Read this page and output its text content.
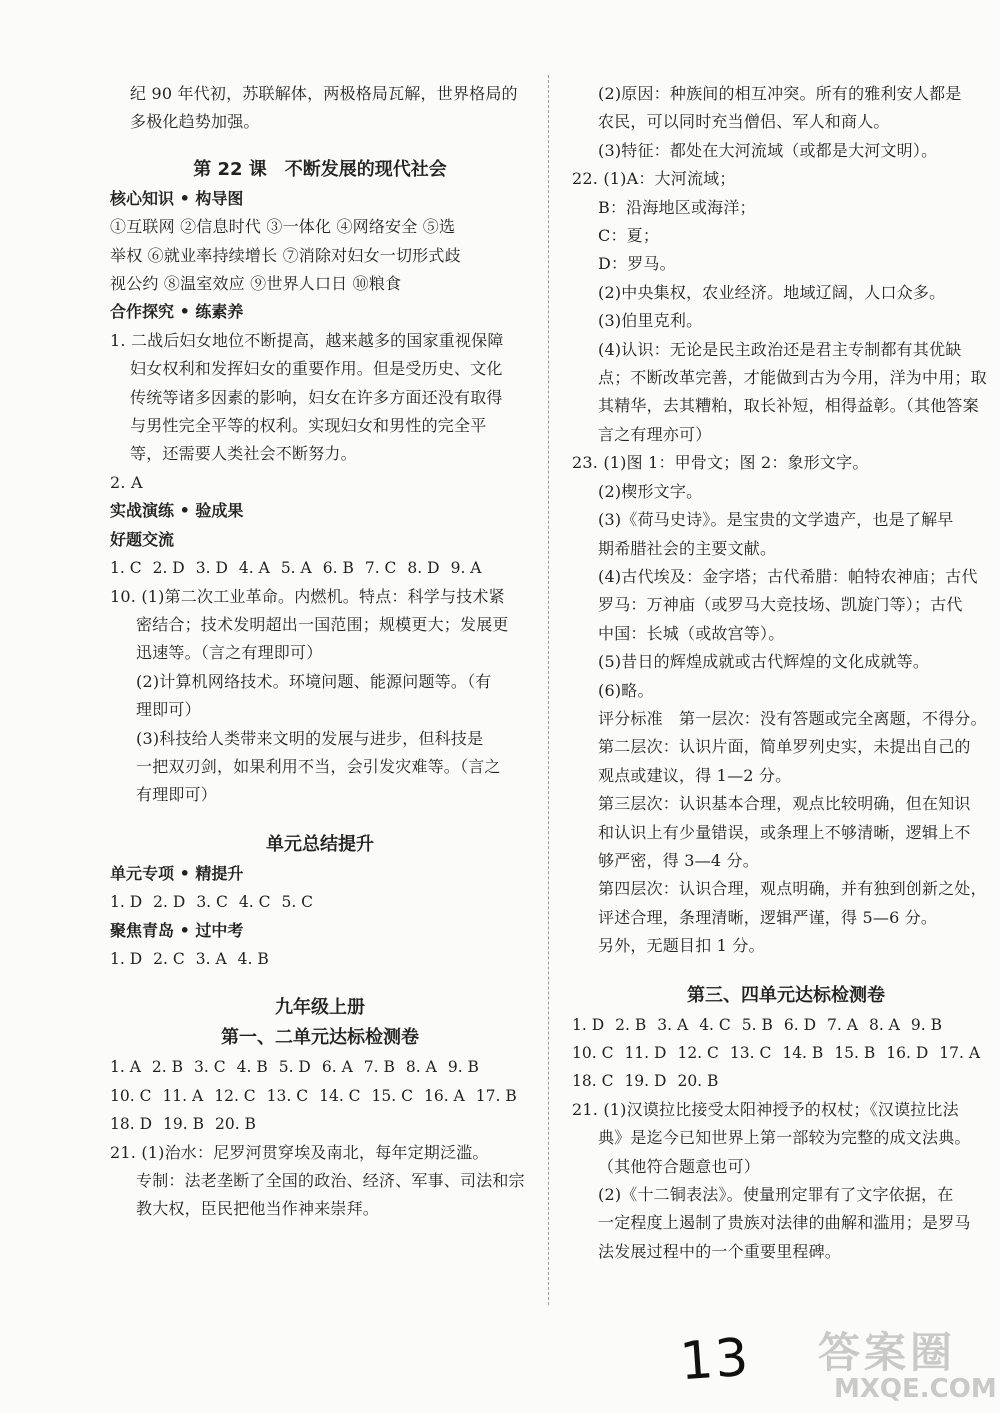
纪 90 年代初，苏联解体，两极格局瓦解，世界格局的

多极化趋势加强。

第 22 课　不断发展的现代社会
核心知识 • 构导图

①互联网 ②信息时代 ③一体化 ④网络安全 ⑤选

举权 ⑥就业率持续增长 ⑦消除对妇女一切形式歧

视公约 ⑧温室效应 ⑨世界人口日 ⑩粮食

合作探究 • 练素养

1. 二战后妇女地位不断提高，越来越多的国家重视保障

妇女权利和发挥妇女的重要作用。但是受历史、文化

传统等诸多因素的影响，妇女在许多方面还没有取得

与男性完全平等的权利。实现妇女和男性的完全平

等，还需要人类社会不断努力。

2. A

实战演练 • 验成果
好题交流
1. C 2. D 3. D 4. A 5. A 6. B 7. C 8. D 9. A

10. (1)第二次工业革命。内燃机。特点：科学与技术紧

密结合；技术发明超出一国范围；规模更大；发展更

迅速等。（言之有理即可）

(2)计算机网络技术。环境问题、能源问题等。（有

理即可）

(3)科技给人类带来文明的发展与进步，但科技是

一把双刃剑，如果利用不当，会引发灾难等。（言之

有理即可）

单元总结提升
单元专项 • 精提升
1. D 2. D 3. C 4. C 5. C
聚焦青岛 • 过中考
1. D 2. C 3. A 4. B
九年级上册
第一、二单元达标检测卷
1. A 2. B 3. C 4. B 5. D 6. A 7. B 8. A 9. B
10. C 11. A 12. C 13. C 14. C 15. C 16. A 17. B
18. D 19. B 20. B

21. (1)治水：尼罗河贯穿埃及南北，每年定期泛滥。

专制：法老垄断了全国的政治、经济、军事、司法和宗

教大权，臣民把他当作神来崇拜。

(2)原因：种族间的相互冲突。所有的雅利安人都是

农民，可以同时充当僧侣、军人和商人。

(3)特征：都处在大河流域（或都是大河文明）。

22. (1)A：大河流域；

B：沿海地区或海洋；

C：夏；

D：罗马。

(2)中央集权，农业经济。地域辽阔，人口众多。

(3)伯里克利。

(4)认识：无论是民主政治还是君主专制都有其优缺

点；不断改革完善，才能做到古为今用，洋为中用；取

其精华，去其糟粕，取长补短，相得益彰。（其他答案

言之有理亦可）

23. (1)图 1：甲骨文；图 2：象形文字。

(2)楔形文字。

(3)《荷马史诗》。是宝贵的文学遗产，也是了解早

期希腊社会的主要文献。

(4)古代埃及：金字塔；古代希腊：帕特农神庙；古代

罗马：万神庙（或罗马大竞技场、凯旋门等）；古代

中国：长城（或故宫等）。

(5)昔日的辉煌成就或古代辉煌的文化成就等。

(6)略。

评分标准　第一层次：没有答题或完全离题，不得分。

第二层次：认识片面，简单罗列史实，未提出自己的

观点或建议，得 1—2 分。

第三层次：认识基本合理，观点比较明确，但在知识

和认识上有少量错误，或条理上不够清晰，逻辑上不

够严密，得 3—4 分。

第四层次：认识合理，观点明确，并有独到创新之处，

评述合理，条理清晰，逻辑严谨，得 5—6 分。

另外，无题目扣 1 分。

第三、四单元达标检测卷
1. D 2. B 3. A 4. C 5. B 6. D 7. A 8. A 9. B
10. C 11. D 12. C 13. C 14. B 15. B 16. D 17. A
18. C 19. D 20. B

21. (1)汉谟拉比接受太阳神授予的权杖；《汉谟拉比法

典》是迄今已知世界上第一部较为完整的成文法典。

（其他符合题意也可）

(2)《十二铜表法》。使量刑定罪有了文字依据，在

一定程度上遏制了贵族对法律的曲解和滥用；是罗马

法发展过程中的一个重要里程碑。

13 答案圈
MXQE.COM
